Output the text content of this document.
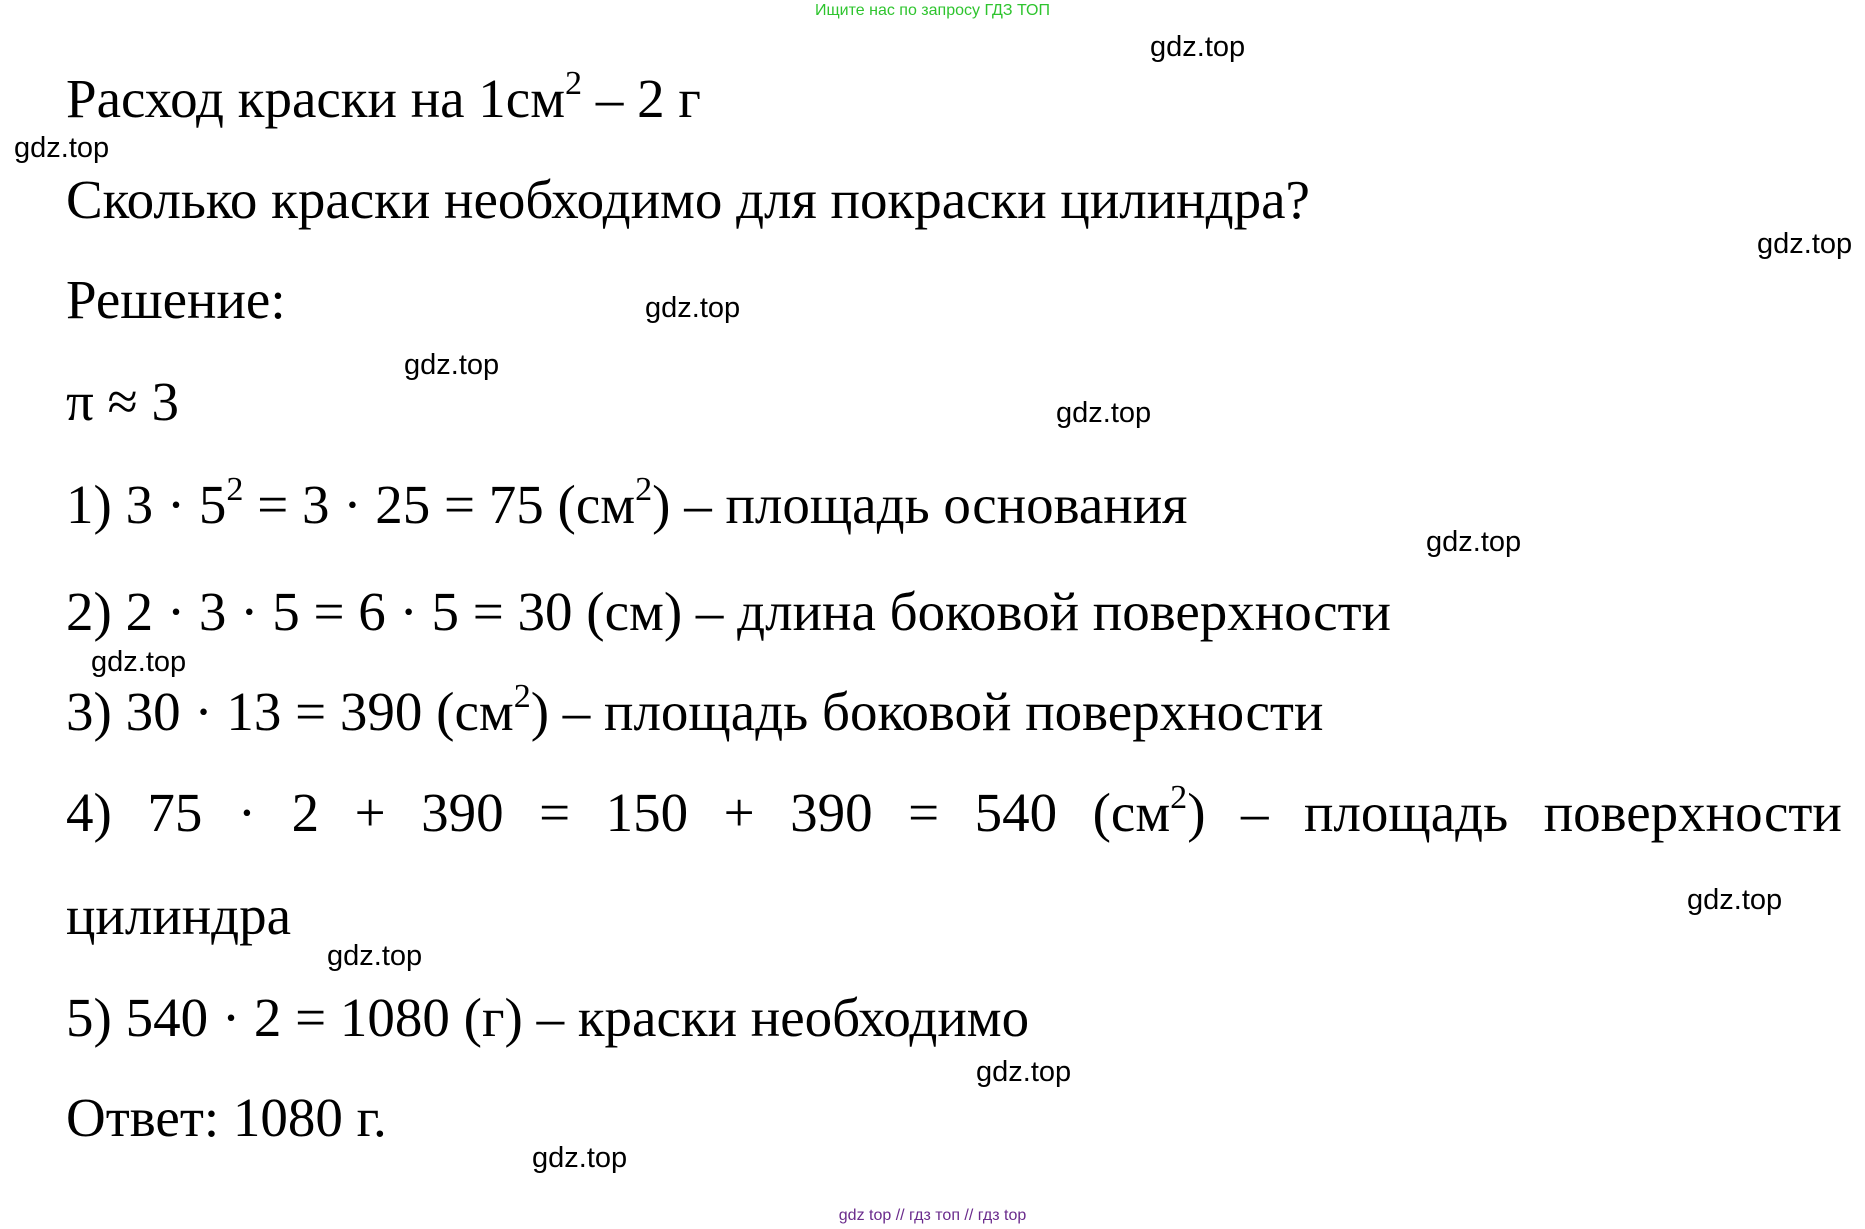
Ищите нас по запросу ГДЗ ТОП
Расход краски на $1см^2 - 2$ г
Сколько краски необходимо для покраски цилиндра?
Решение:
π ≈ 3
1) $3 \cdot 5^2 = 3 \cdot 25 = 75$ $(см^2)$ – площадь основания
2) 2 · 3 · 5 = 6 · 5 = 30 (см) – длина боковой поверхности
3) 30 · 13 = 390 $(см^2)$ – площадь боковой поверхности
4) 75 · 2 + 390 = 150 + 390 = 540 $(см^2)$ – площадь поверхности
цилиндра
5) 540 · 2 = 1080 (г) – краски необходимо
Ответ: 1080 г.
gdz.top
gdz.top
gdz.top
gdz.top
gdz.top
gdz.top
gdz.top
gdz.top
gdz.top
gdz.top
gdz.top
gdz.top
gdz top // гдз топ // гдз top
